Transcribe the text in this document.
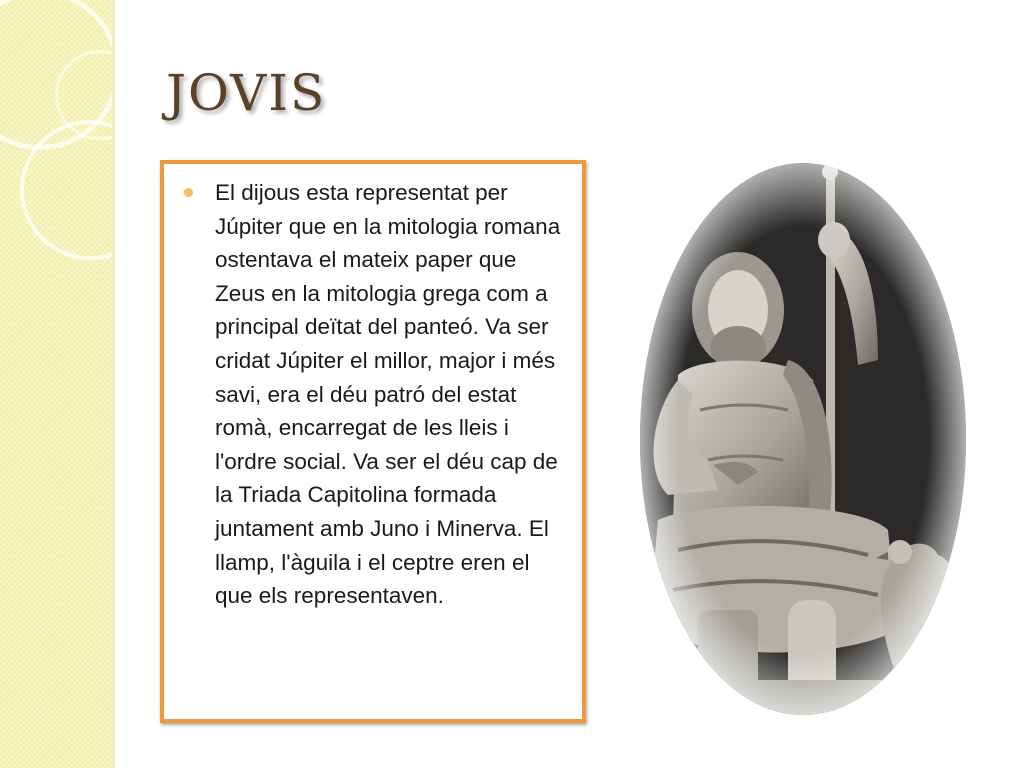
JOVIS

El dijous esta representat per Júpiter que en la mitologia romana ostentava el mateix paper que Zeus en la mitologia grega com a principal deïtat del panteó. Va ser cridat Júpiter el millor, major i més savi, era el déu patró del estat romà, encarregat de les lleis i l'ordre social. Va ser el déu cap de la Triada Capitolina formada juntament amb Juno i Minerva. El llamp, l'àguila i el ceptre eren el que els representaven.
